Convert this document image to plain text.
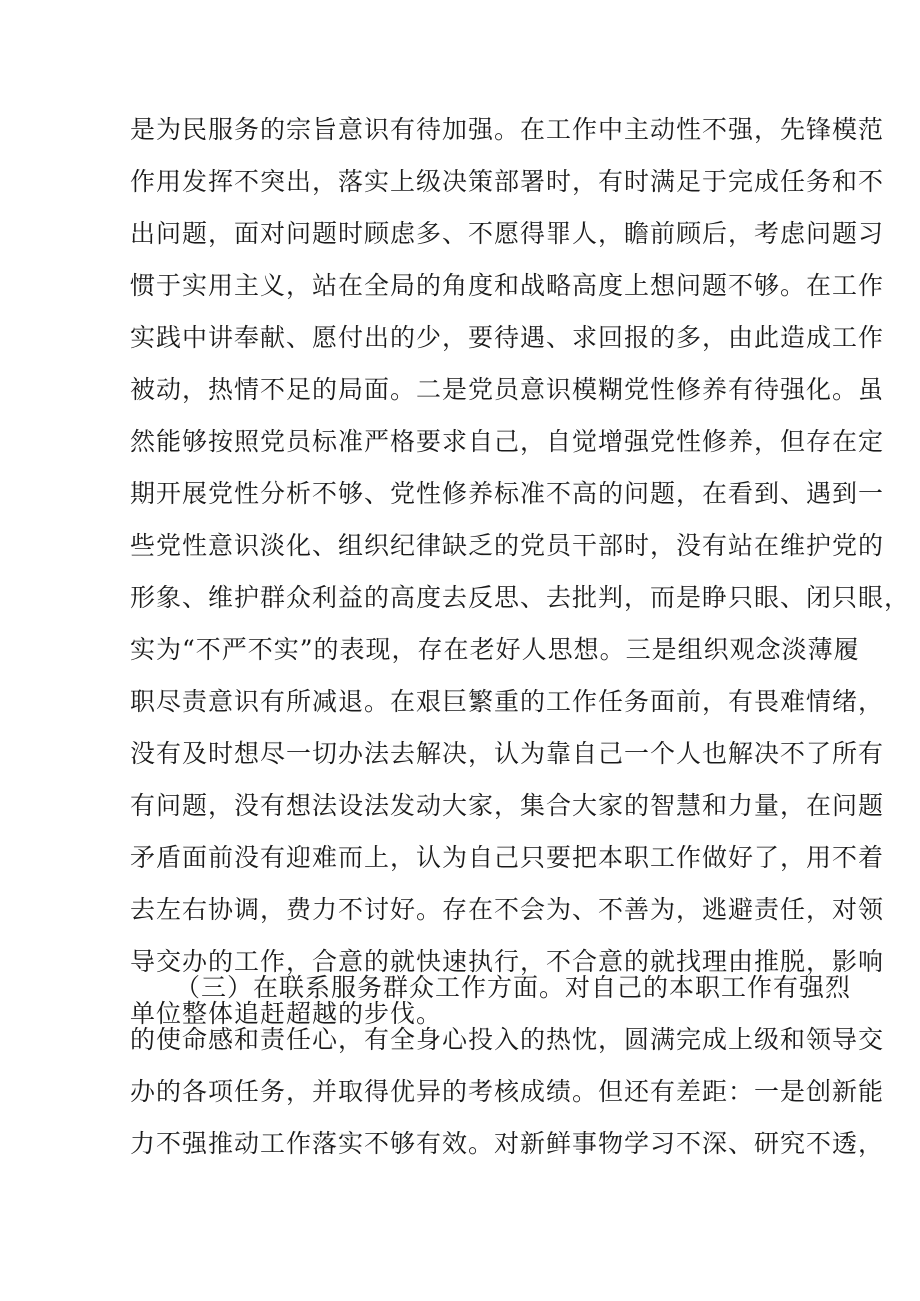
是为民服务的宗旨意识有待加强。在工作中主动性不强，先锋模范
作用发挥不突出，落实上级决策部署时，有时满足于完成任务和不
出问题，面对问题时顾虑多、不愿得罪人，瞻前顾后，考虑问题习
惯于实用主义，站在全局的角度和战略高度上想问题不够。在工作
实践中讲奉献、愿付出的少，要待遇、求回报的多，由此造成工作
被动，热情不足的局面。二是党员意识模糊党性修养有待强化。虽
然能够按照党员标准严格要求自己，自觉增强党性修养，但存在定
期开展党性分析不够、党性修养标准不高的问题，在看到、遇到一
些党性意识淡化、组织纪律缺乏的党员干部时，没有站在维护党的
形象、维护群众利益的高度去反思、去批判，而是睁只眼、闭只眼，
实为“不严不实”的表现，存在老好人思想。三是组织观念淡薄履
职尽责意识有所减退。在艰巨繁重的工作任务面前，有畏难情绪，
没有及时想尽一切办法去解决，认为靠自己一个人也解决不了所有
有问题，没有想法设法发动大家，集合大家的智慧和力量，在问题
矛盾面前没有迎难而上，认为自己只要把本职工作做好了，用不着
去左右协调，费力不讨好。存在不会为、不善为，逃避责任，对领
导交办的工作，合意的就快速执行，不合意的就找理由推脱，影响
单位整体追赶超越的步伐。
（三）在联系服务群众工作方面。对自己的本职工作有强烈
的使命感和责任心，有全身心投入的热忱，圆满完成上级和领导交
办的各项任务，并取得优异的考核成绩。但还有差距：一是创新能
力不强推动工作落实不够有效。对新鲜事物学习不深、研究不透，
